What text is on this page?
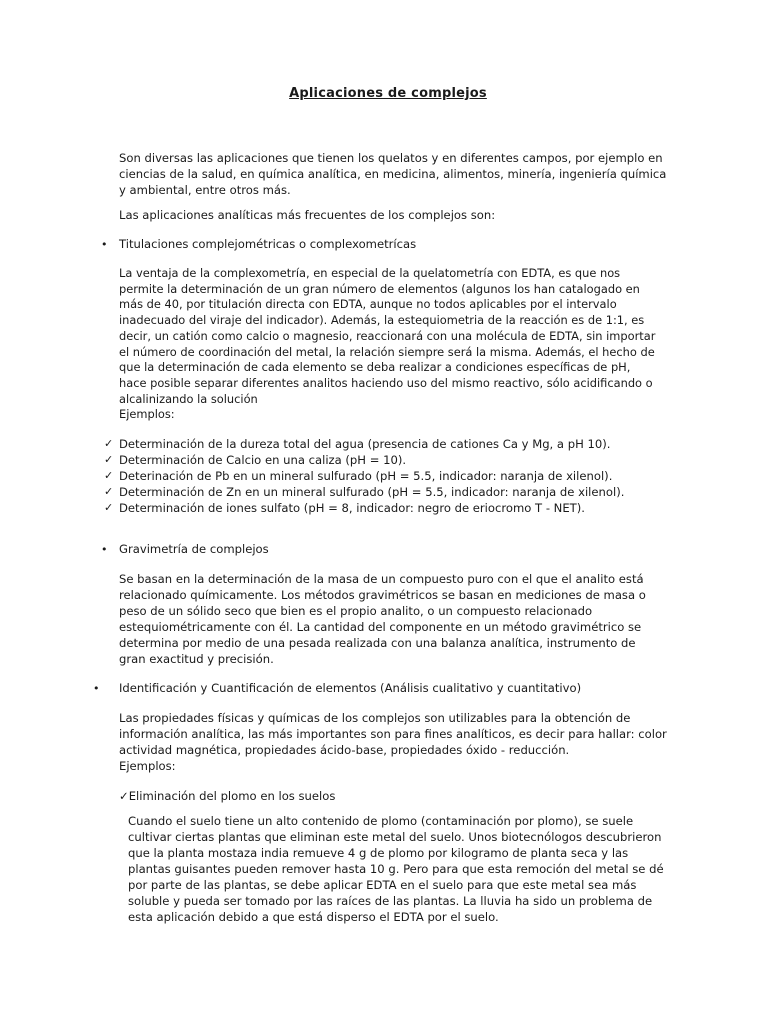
Aplicaciones de complejos
Son diversas las aplicaciones que tienen los quelatos y en diferentes campos, por ejemplo en
ciencias de la salud, en química analítica, en medicina, alimentos, minería, ingeniería química
y ambiental, entre otros más.
Las aplicaciones analíticas más frecuentes de los complejos son:
• Titulaciones complejométricas o complexometrícas
La ventaja de la complexometría, en especial de la quelatometría con EDTA, es que nos
permite la determinación de un gran número de elementos (algunos los han catalogado en
más de 40, por titulación directa con EDTA, aunque no todos aplicables por el intervalo
inadecuado del viraje del indicador). Además, la estequiometria de la reacción es de 1:1, es
decir, un catión como calcio o magnesio, reaccionará con una molécula de EDTA, sin importar
el número de coordinación del metal, la relación siempre será la misma. Además, el hecho de
que la determinación de cada elemento se deba realizar a condiciones específicas de pH,
hace posible separar diferentes analitos haciendo uso del mismo reactivo, sólo acidificando o
alcalinizando la solución
Ejemplos:
✓ Determinación de la dureza total del agua (presencia de cationes Ca y Mg, a pH 10).
✓ Determinación de Calcio en una caliza (pH = 10).
✓ Deterinación de Pb en un mineral sulfurado (pH = 5.5, indicador: naranja de xilenol).
✓ Determinación de Zn en un mineral sulfurado (pH = 5.5, indicador: naranja de xilenol).
✓ Determinación de iones sulfato (pH = 8, indicador: negro de eriocromo T - NET).
• Gravimetría de complejos
Se basan en la determinación de la masa de un compuesto puro con el que el analito está
relacionado químicamente. Los métodos gravimétricos se basan en mediciones de masa o
peso de un sólido seco que bien es el propio analito, o un compuesto relacionado
estequiométricamente con él. La cantidad del componente en un método gravimétrico se
determina por medio de una pesada realizada con una balanza analítica, instrumento de
gran exactitud y precisión.
• Identificación y Cuantificación de elementos (Análisis cualitativo y cuantitativo)
Las propiedades físicas y químicas de los complejos son utilizables para la obtención de
información analítica, las más importantes son para fines analíticos, es decir para hallar: color
actividad magnética, propiedades ácido-base, propiedades óxido - reducción.
Ejemplos:
✓Eliminación del plomo en los suelos
Cuando el suelo tiene un alto contenido de plomo (contaminación por plomo), se suele
cultivar ciertas plantas que eliminan este metal del suelo. Unos biotecnólogos descubrieron
que la planta mostaza india remueve 4 g de plomo por kilogramo de planta seca y las
plantas guisantes pueden remover hasta 10 g. Pero para que esta remoción del metal se dé
por parte de las plantas, se debe aplicar EDTA en el suelo para que este metal sea más
soluble y pueda ser tomado por las raíces de las plantas. La lluvia ha sido un problema de
esta aplicación debido a que está disperso el EDTA por el suelo.
